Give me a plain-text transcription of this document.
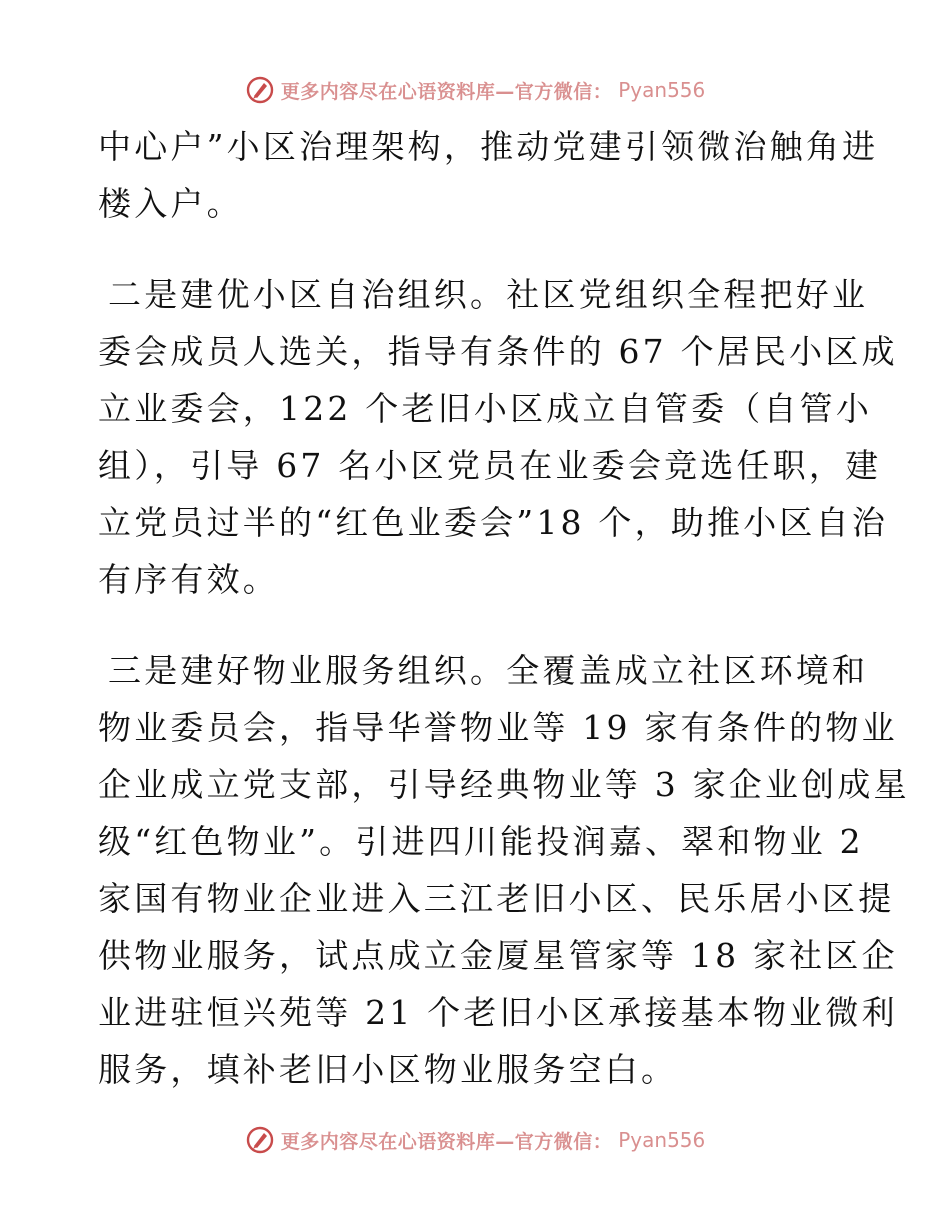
更多内容尽在心语资料库—官方微信： Pyan556
中心户”小区治理架构，推动党建引领微治触角进
楼入户。
二是建优小区自治组织。社区党组织全程把好业
委会成员人选关，指导有条件的 67 个居民小区成
立业委会，122 个老旧小区成立自管委（自管小
组），引导 67 名小区党员在业委会竞选任职，建
立党员过半的“红色业委会”18 个，助推小区自治
有序有效。
三是建好物业服务组织。全覆盖成立社区环境和
物业委员会，指导华誉物业等 19 家有条件的物业
企业成立党支部，引导经典物业等 3 家企业创成星
级“红色物业”。引进四川能投润嘉、翠和物业 2
家国有物业企业进入三江老旧小区、民乐居小区提
供物业服务，试点成立金厦星管家等 18 家社区企
业进驻恒兴苑等 21 个老旧小区承接基本物业微利
服务，填补老旧小区物业服务空白。
更多内容尽在心语资料库—官方微信： Pyan556
